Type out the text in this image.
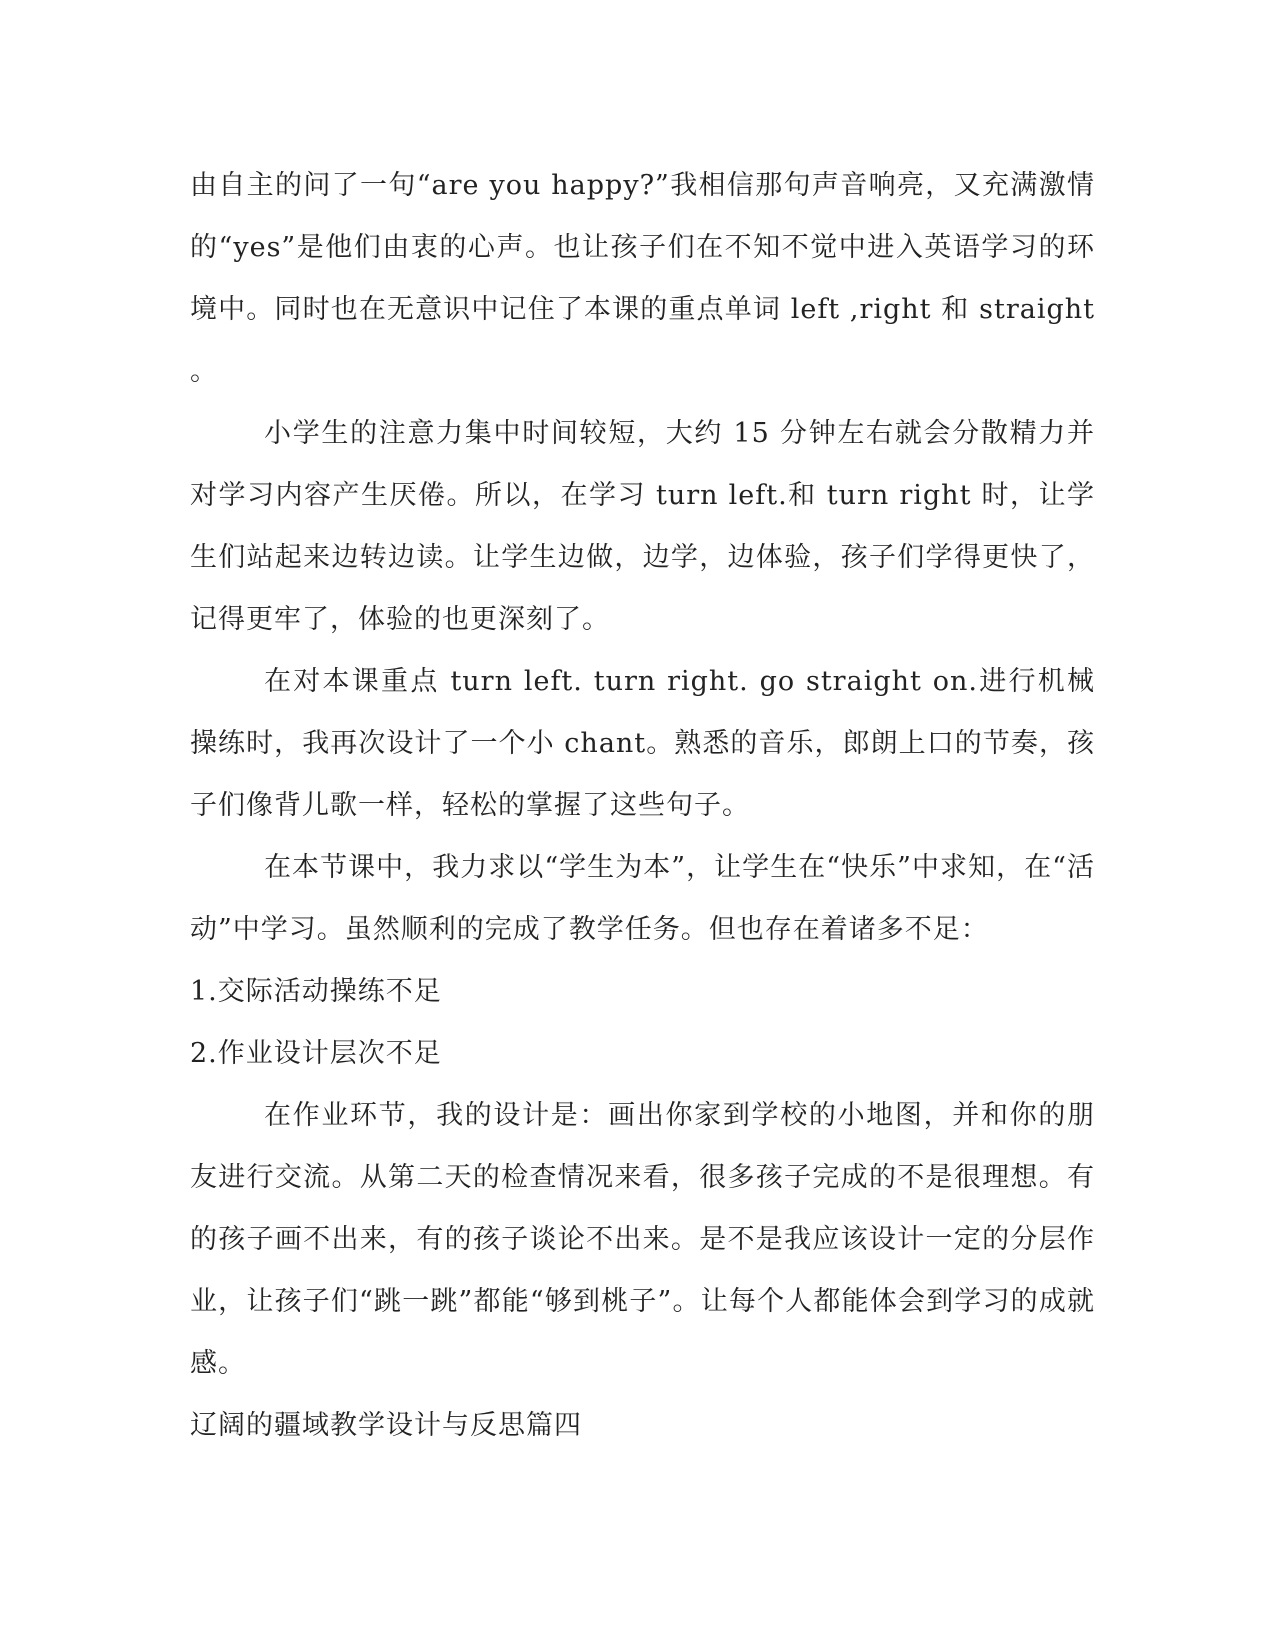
由自主的问了一句“are you happy?”我相信那句声音响亮，又充满激情的“yes”是他们由衷的心声。也让孩子们在不知不觉中进入英语学习的环境中。同时也在无意识中记住了本课的重点单词 left ,right 和 straight 。

小学生的注意力集中时间较短，大约 15 分钟左右就会分散精力并对学习内容产生厌倦。所以，在学习 turn left.和 turn right 时，让学生们站起来边转边读。让学生边做，边学，边体验，孩子们学得更快了，记得更牢了，体验的也更深刻了。

在对本课重点 turn left. turn right. go straight on.进行机械操练时，我再次设计了一个小 chant。熟悉的音乐，郎朗上口的节奏，孩子们像背儿歌一样，轻松的掌握了这些句子。

在本节课中，我力求以“学生为本”，让学生在“快乐”中求知，在“活动”中学习。虽然顺利的完成了教学任务。但也存在着诸多不足：

1.交际活动操练不足

2.作业设计层次不足

在作业环节，我的设计是：画出你家到学校的小地图，并和你的朋友进行交流。从第二天的检查情况来看，很多孩子完成的不是很理想。有的孩子画不出来，有的孩子谈论不出来。是不是我应该设计一定的分层作业，让孩子们“跳一跳”都能“够到桃子”。让每个人都能体会到学习的成就感。

辽阔的疆域教学设计与反思篇四
